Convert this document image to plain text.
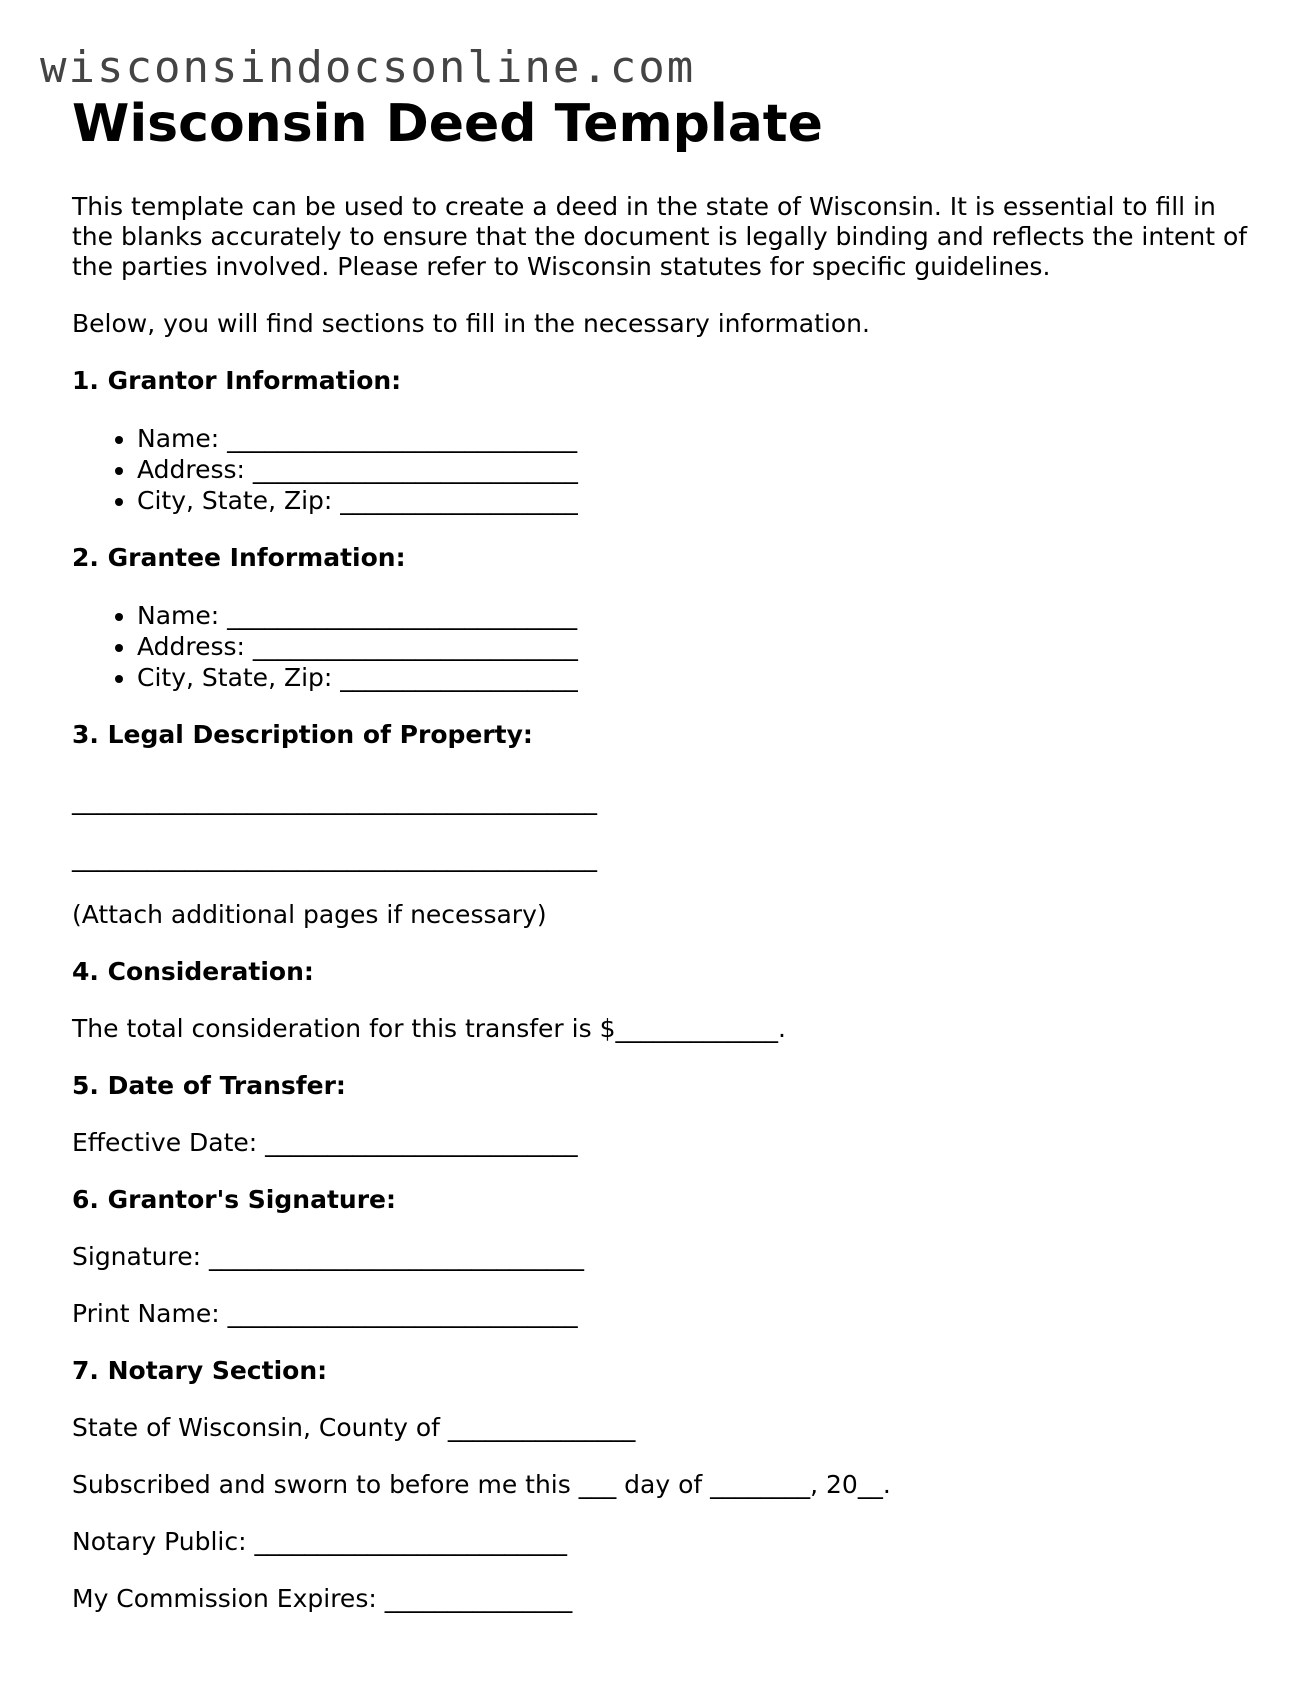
wisconsindocsonline.com
Wisconsin Deed Template

This template can be used to create a deed in the state of Wisconsin. It is essential to fill in the blanks accurately to ensure that the document is legally binding and reflects the intent of the parties involved. Please refer to Wisconsin statutes for specific guidelines.

Below, you will find sections to fill in the necessary information.

1. Grantor Information:
• Name: ____________________________
• Address: __________________________
• City, State, Zip: ___________________
2. Grantee Information:
• Name: ____________________________
• Address: __________________________
• City, State, Zip: ___________________
3. Legal Description of Property:
__________________________________________
__________________________________________

(Attach additional pages if necessary)

4. Consideration:

The total consideration for this transfer is $_____________.

5. Date of Transfer:

Effective Date: _________________________

6. Grantor's Signature:

Signature: ______________________________

Print Name: ____________________________

7. Notary Section:

State of Wisconsin, County of _______________

Subscribed and sworn to before me this ___ day of ________, 20__.

Notary Public: _________________________

My Commission Expires: _______________
